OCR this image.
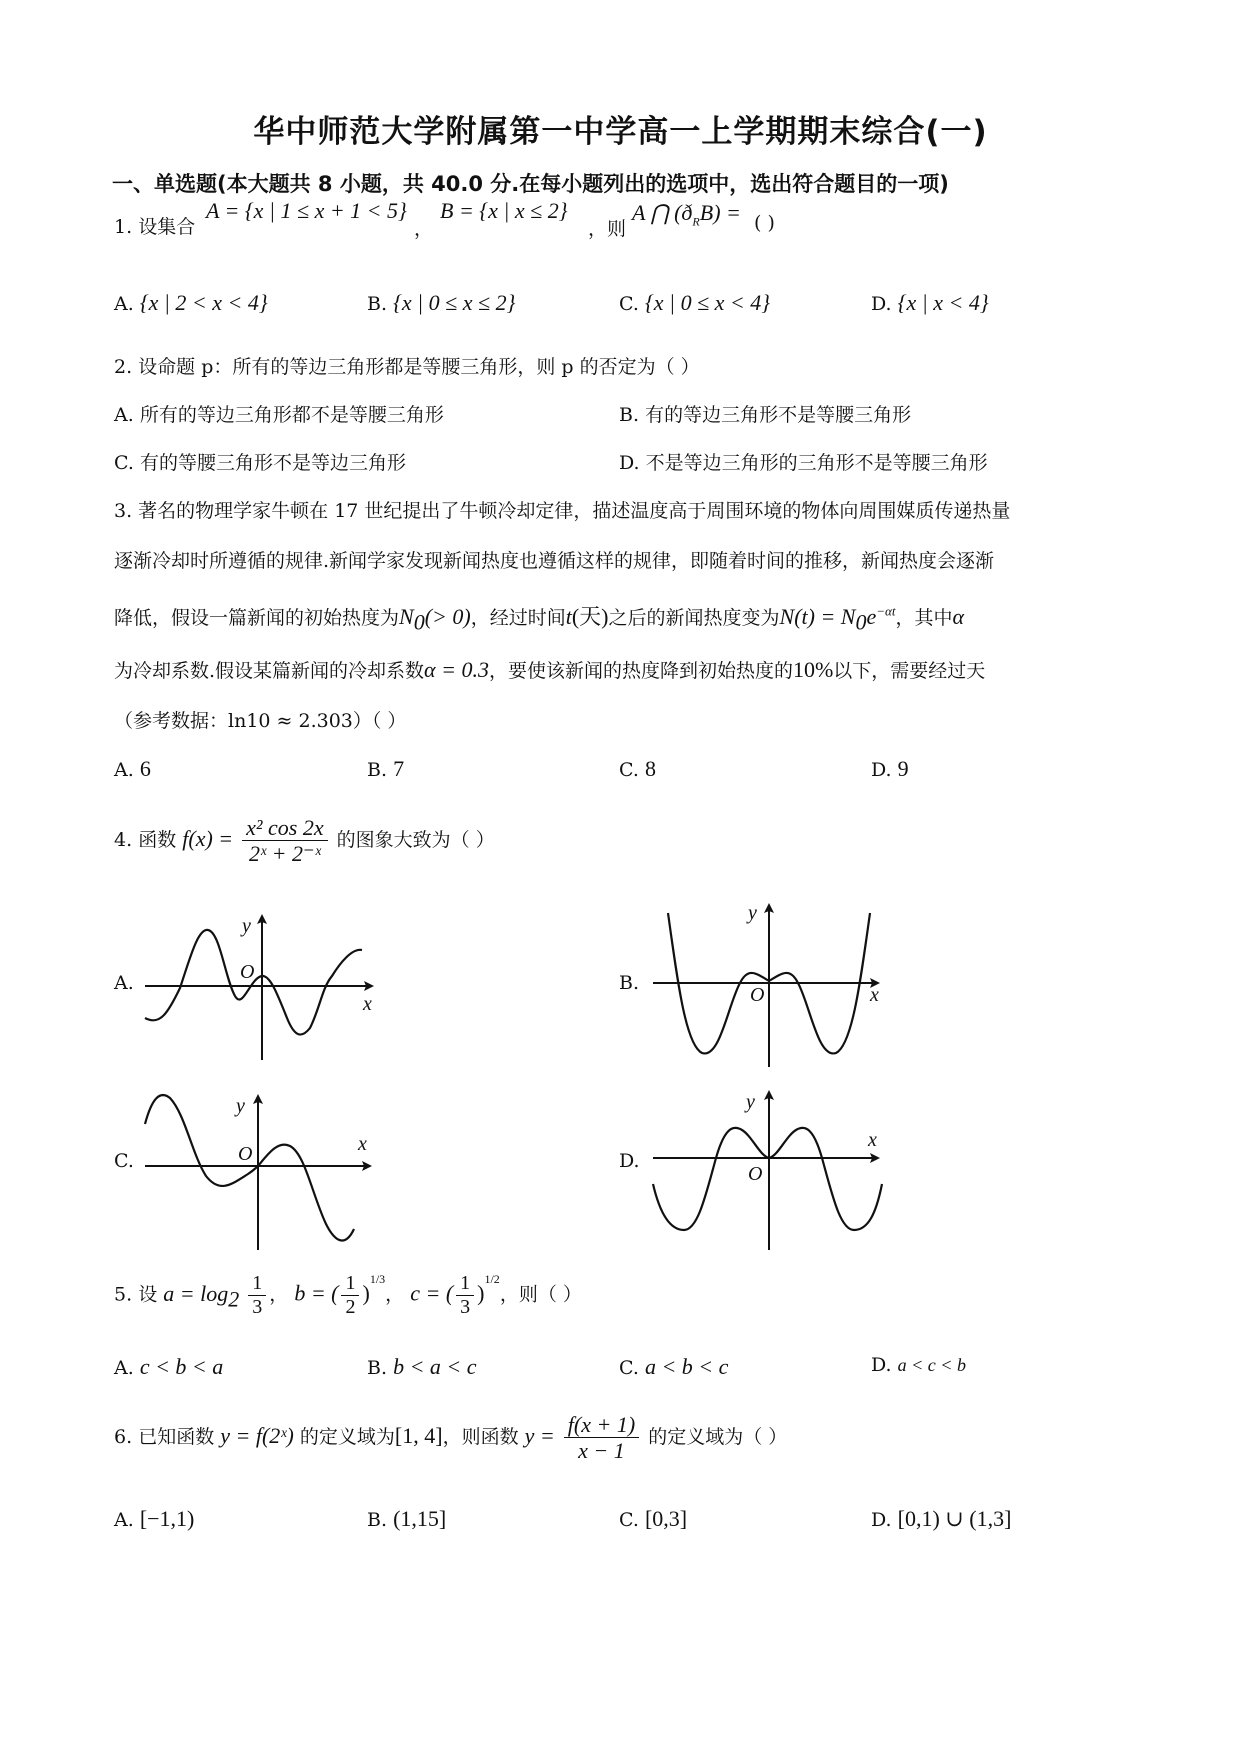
华中师范大学附属第一中学高一上学期期末综合(一)
一、单选题(本大题共 8 小题，共 40.0 分.在每小题列出的选项中，选出符合题目的一项)
1. 设集合
A = {x | 1 ≤ x + 1 < 5}
，
B = {x | x ≤ 2}
，则
A ⋂ $(ð_RB)$ = ( )
A. {x | 2 < x < 4}	B. {x | 0 ≤ x ≤ 2}	C. {x | 0 ≤ x < 4}	D. {x | x < 4}
2. 设命题 p：所有的等边三角形都是等腰三角形，则 p 的否定为（ ）
A. 所有的等边三角形都不是等腰三角形	B. 有的等边三角形不是等腰三角形
C. 有的等腰三角形不是等边三角形	D. 不是等边三角形的三角形不是等腰三角形
3. 著名的物理学家牛顿在 17 世纪提出了牛顿冷却定律，描述温度高于周围环境的物体向周围媒质传递热量
逐渐冷却时所遵循的规律.新闻学家发现新闻热度也遵循这样的规律，即随着时间的推移，新闻热度会逐渐
降低，假设一篇新闻的初始热度为$N_0(> 0)$，经过时间t(天)之后的新闻热度变为$N(t) = N_0e^{-\alpha t}$，其中α
为冷却系数.假设某篇新闻的冷却系数α = 0.3，要使该新闻的热度降到初始热度的10%以下，需要经过天
（参考数据：ln10 ≈ 2.303）（ ）
A. 6	B. 7	C. 8	D. 9
4. 函数 $f(x) = \frac{\text{x² cos 2x}}{\text{2ˣ + 2⁻ˣ}}$ 的图象大致为（ ）
A.	B.
C.	D.
O
x
y
O	x
y
O	x
y
O
x
y
5. 设 $a = \log_2 \frac{1}{3}$ ， b = ( $\frac{1}{2} )^{1/3}$， c = ( $\frac{1}{3} )^{1/2}$，则（ ）
A. c < b < a	B. b < a < c	C. a < b < c	D. a < c < b
6. 已知函数 y = f(2ˣ) 的定义域为[1, 4]，则函数 $y = \frac{f(x + 1)}{x - 1}$ 的定义域为（ ）
A. [−1,1)	B. (1,15]	C. [0,3]	D. [0,1) ∪ (1,3]
